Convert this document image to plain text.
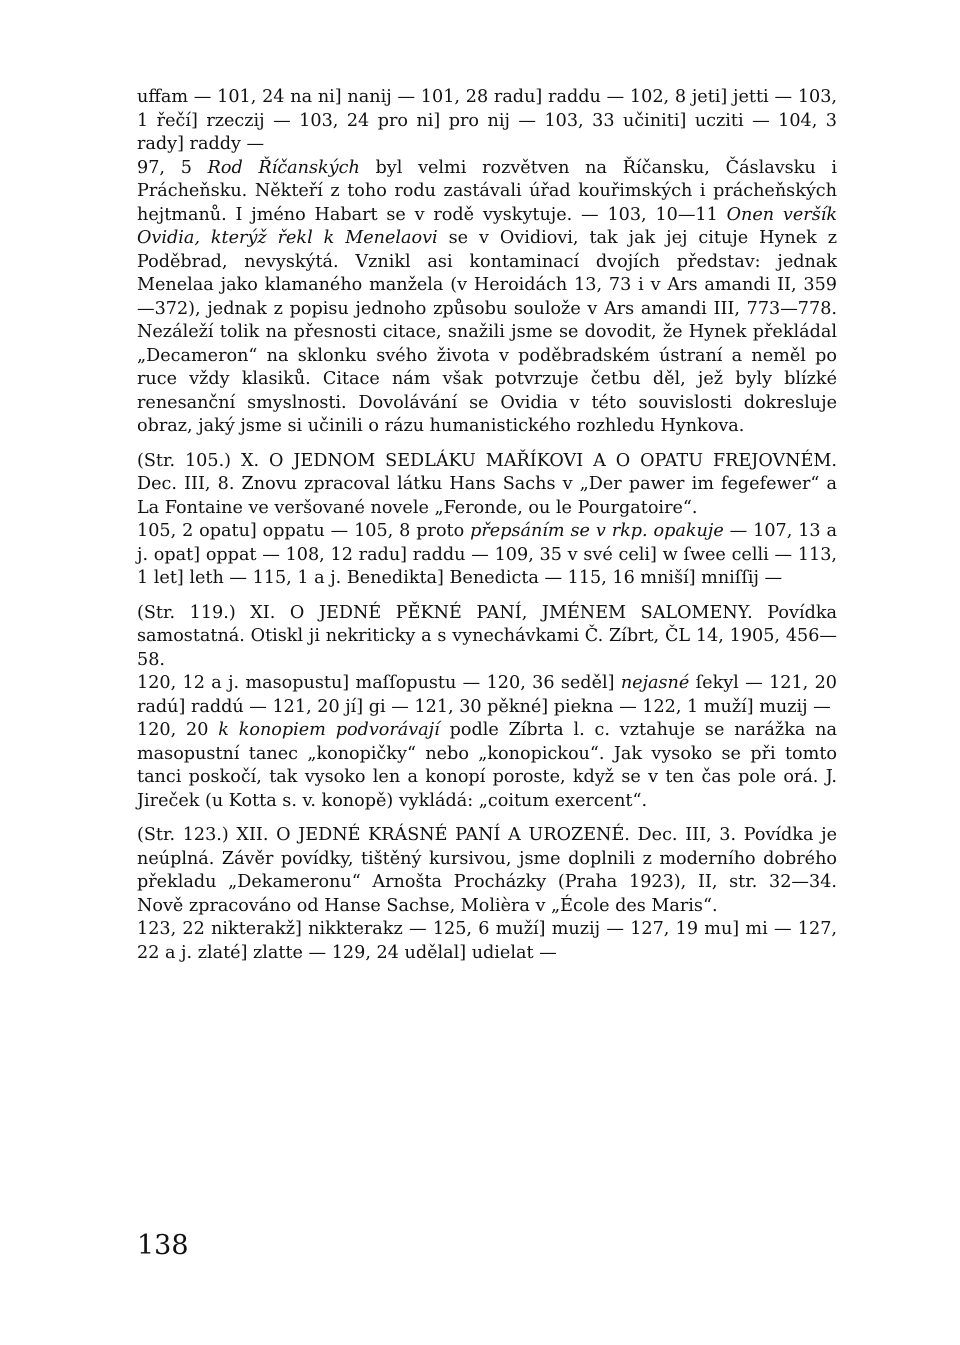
uffam — 101, 24 na ni] nanij — 101, 28 radu] raddu — 102, 8 jeti] jetti — 103, 1 řečí] rzeczij — 103, 24 pro ni] pro nij — 103, 33 učiniti] ucziti — 104, 3 rady] raddy —

97, 5 Rod Říčanských byl velmi rozvětven na Říčansku, Čáslavsku i Prácheňsku. Někteří z toho rodu zastávali úřad kouřimských i prácheňských hejtmanů. I jméno Habart se v rodě vyskytuje. — 103, 10—11 Onen veršík Ovidia, kterýž řekl k Menelaovi se v Ovidiovi, tak jak jej cituje Hynek z Poděbrad, nevyskýtá. Vznikl asi kontaminací dvojích představ: jednak Menelaa jako klamaného manžela (v Heroidách 13, 73 i v Ars amandi II, 359—372), jednak z popisu jednoho způsobu soulože v Ars amandi III, 773—778. Nezáleží tolik na přesnosti citace, snažili jsme se dovodit, že Hynek překládal „Decameron“ na sklonku svého života v poděbradském ústraní a neměl po ruce vždy klasiků. Citace nám však potvrzuje četbu děl, jež byly blízké renesanční smyslnosti. Dovolávání se Ovidia v této souvislosti dokresluje obraz, jaký jsme si učinili o rázu humanistického rozhledu Hynkova.

(Str. 105.) X. O JEDNOM SEDLÁKU MAŘÍKOVI A O OPATU FREJOVNÉM. Dec. III, 8. Znovu zpracoval látku Hans Sachs v „Der pawer im fegefewer“ a La Fontaine ve veršované novele „Feronde, ou le Pourgatoire“.

105, 2 opatu] oppatu — 105, 8 proto přepsáním se v rkp. opakuje — 107, 13 a j. opat] oppat — 108, 12 radu] raddu — 109, 35 v své celi] w ſwee celli — 113, 1 let] leth — 115, 1 a j. Benedikta] Benedicta — 115, 16 mniší] mniſſij —

(Str. 119.) XI. O JEDNÉ PĚKNÉ PANÍ, JMÉNEM SALOMENY. Povídka samostatná. Otiskl ji nekriticky a s vynechávkami Č. Zíbrt, ČL 14, 1905, 456—58.

120, 12 a j. masopustu] maſſopustu — 120, 36 seděl] nejasné ſekyl — 121, 20 radú] raddú — 121, 20 jí] gi — 121, 30 pěkné] piekna — 122, 1 muží] muzij —

120, 20 k konopiem podvorávají podle Zíbrta l. c. vztahuje se narážka na masopustní tanec „konopičky“ nebo „konopickou“. Jak vysoko se při tomto tanci poskočí, tak vysoko len a konopí poroste, když se v ten čas pole orá. J. Jireček (u Kotta s. v. konopě) vykládá: „coitum exercent“.

(Str. 123.) XII. O JEDNÉ KRÁSNÉ PANÍ A UROZENÉ. Dec. III, 3. Povídka je neúplná. Závěr povídky, tištěný kursivou, jsme doplnili z moderního dobrého překladu „Dekameronu“ Arnošta Procházky (Praha 1923), II, str. 32—34. Nově zpracováno od Hanse Sachse, Molièra v „École des Maris“.

123, 22 nikterakž] nikkterakz — 125, 6 muží] muzij — 127, 19 mu] mi — 127, 22 a j. zlaté] zlatte — 129, 24 udělal] udielat —

138
